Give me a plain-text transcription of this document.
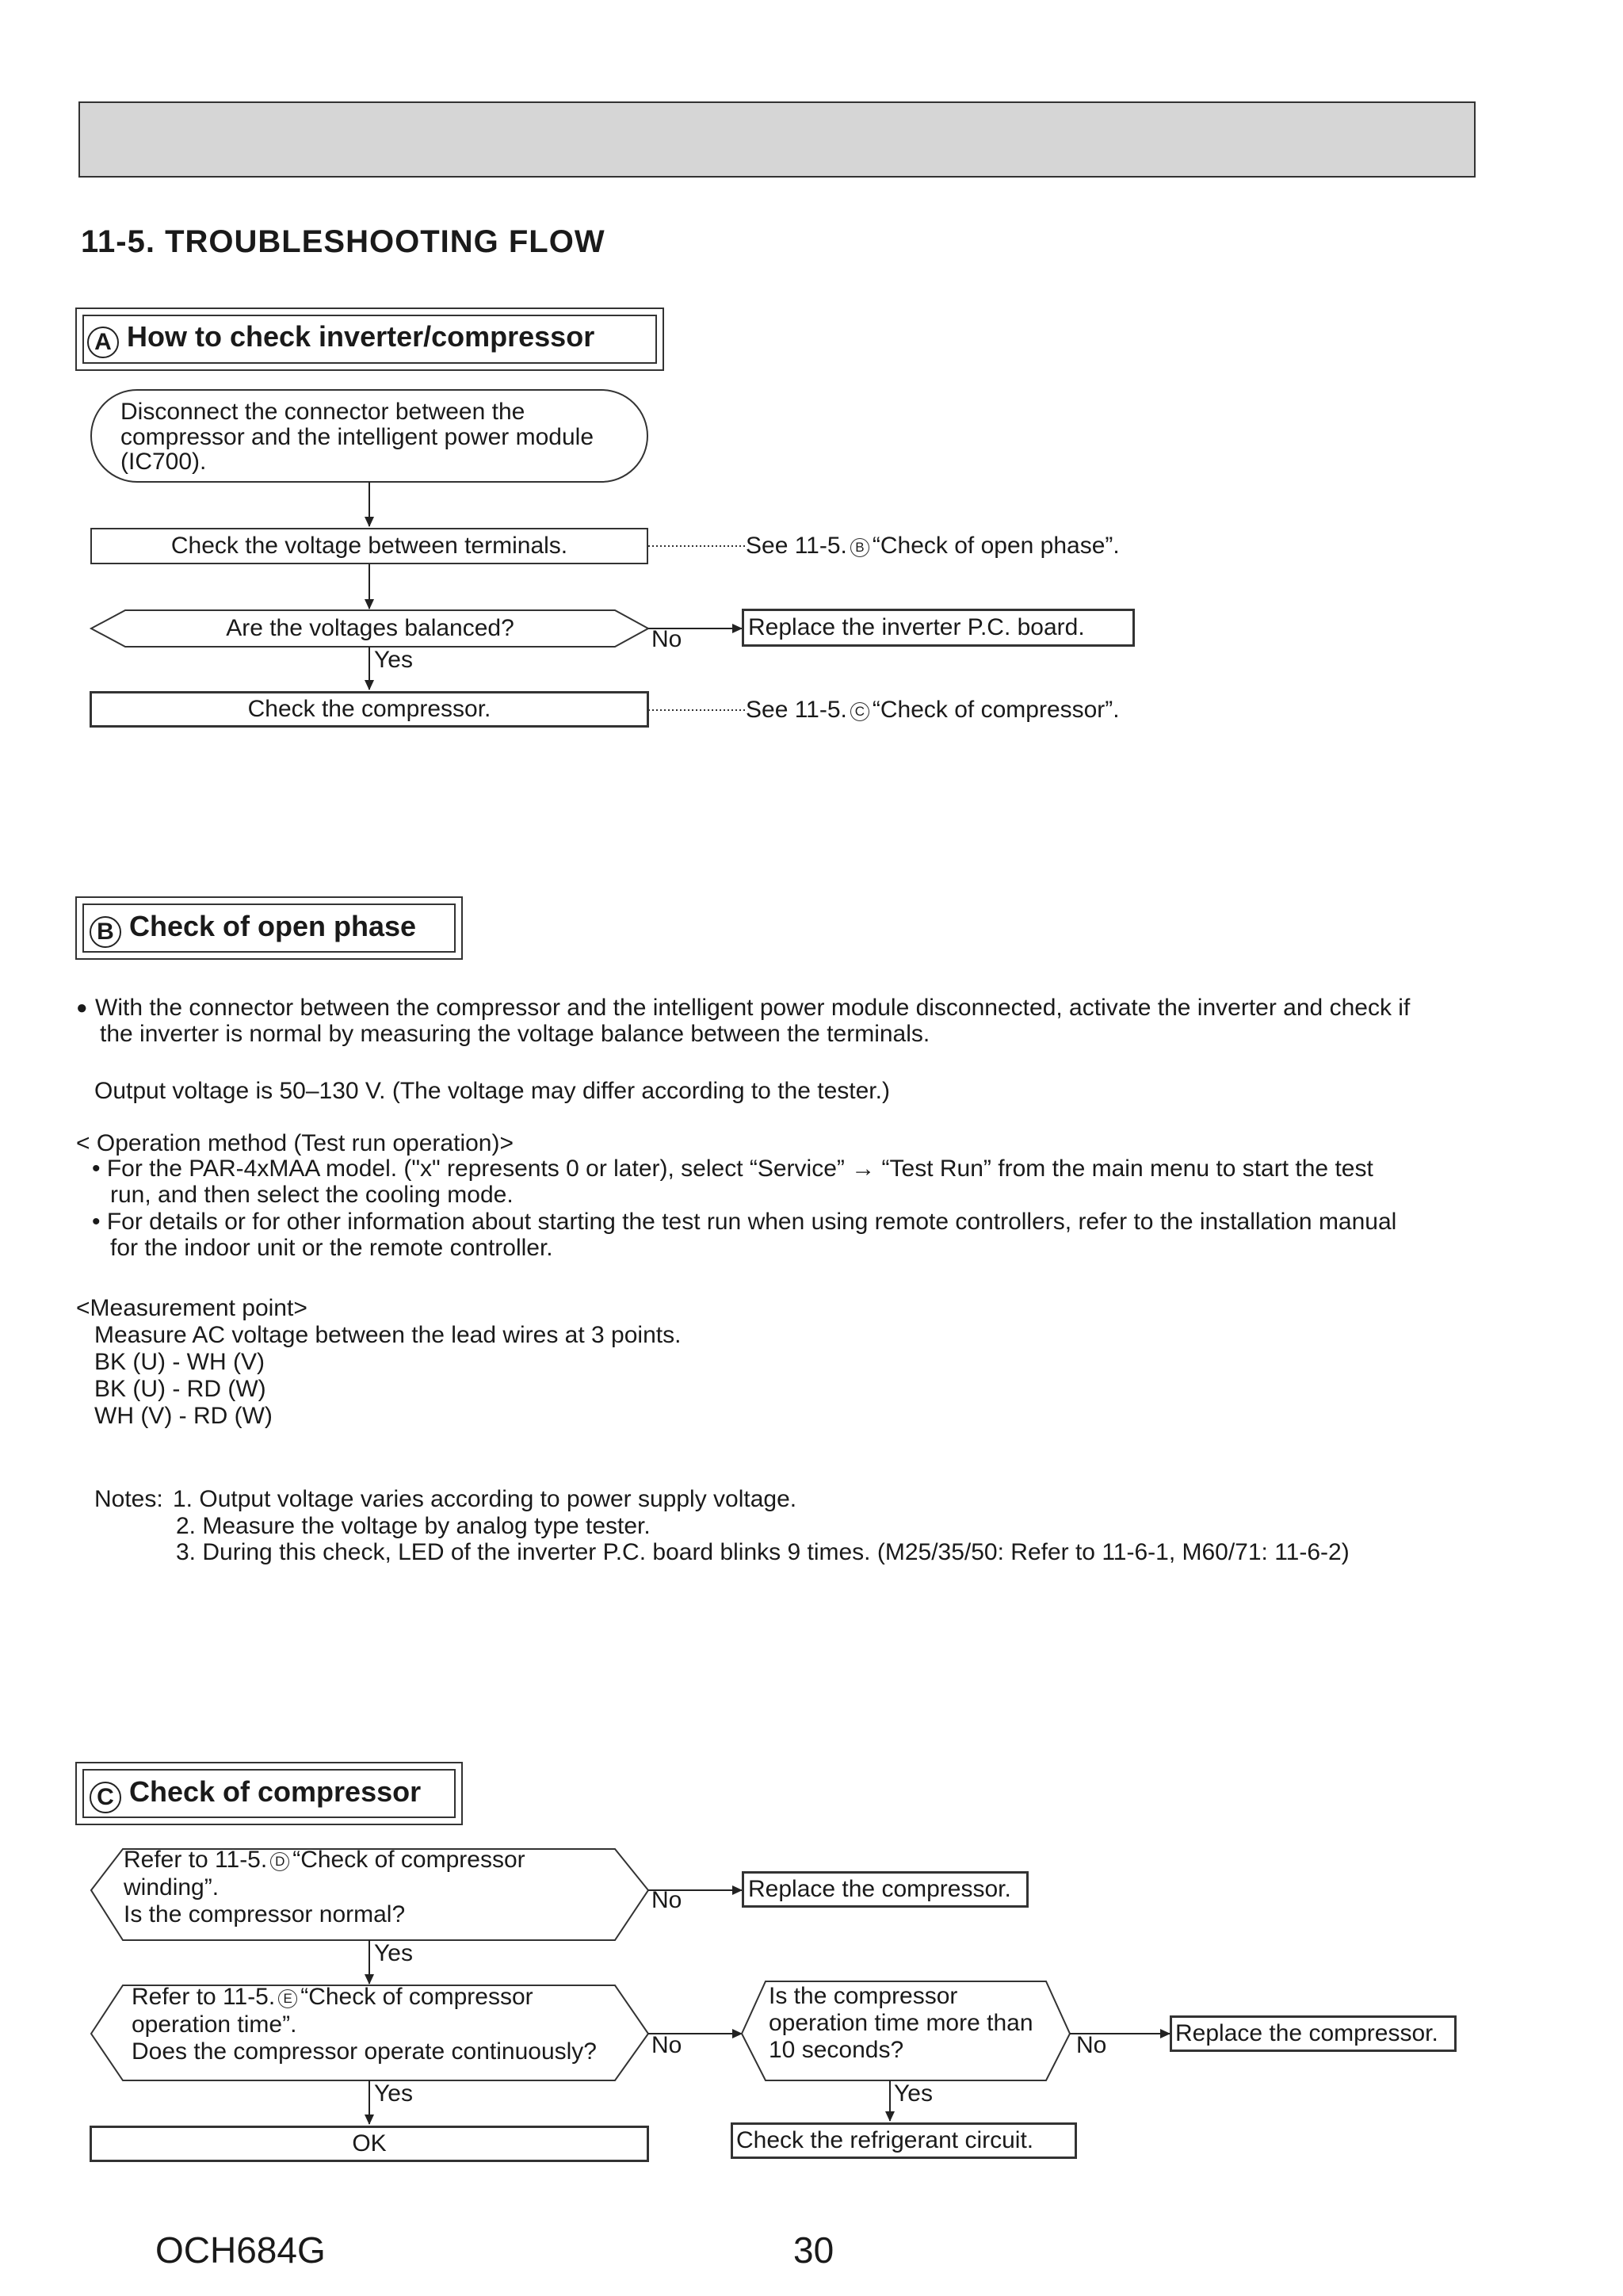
11-5. TROUBLESHOOTING FLOW
A How to check inverter/compressor
Disconnect the connector between the
compressor and the intelligent power module
(IC700).
Check the voltage between terminals.	See 11-5. B “Check of open phase”.
Are the voltages balanced?	No
Yes
Replace the inverter P.C. board.
Check the compressor.	See 11-5. C “Check of compressor”.
B Check of open phase
● With the connector between the compressor and the intelligent power module disconnected, activate the inverter and check if
the inverter is normal by measuring the voltage balance between the terminals.
Output voltage is 50–130 V. (The voltage may differ according to the tester.)
< Operation method (Test run operation)>
• For the PAR-4xMAA model. ("x" represents 0 or later), select “Service” → “Test Run” from the main menu to start the test
run, and then select the cooling mode.
• For details or for other information about starting the test run when using remote controllers, refer to the installation manual
for the indoor unit or the remote controller.
<Measurement point>
Measure AC voltage between the lead wires at 3 points.
BK (U) - WH (V)
BK (U) - RD (W)
WH (V) - RD (W)
Notes: 1. Output voltage varies according to power supply voltage.
2. Measure the voltage by analog type tester.
3. During this check, LED of the inverter P.C. board blinks 9 times. (M25/35/50: Refer to 11-6-1, M60/71: 11-6-2)
C Check of compressor
Refer to 11-5. D “Check of compressor
winding”.
Is the compressor normal?
No	Replace the compressor.
Yes
Refer to 11-5. E “Check of compressor
operation time”.
Does the compressor operate continuously? No
Yes
Is the compressor
operation time more than
10 seconds?	No	Replace the compressor.
Yes
Check the refrigerant circuit.
OK
OCH684G	30
